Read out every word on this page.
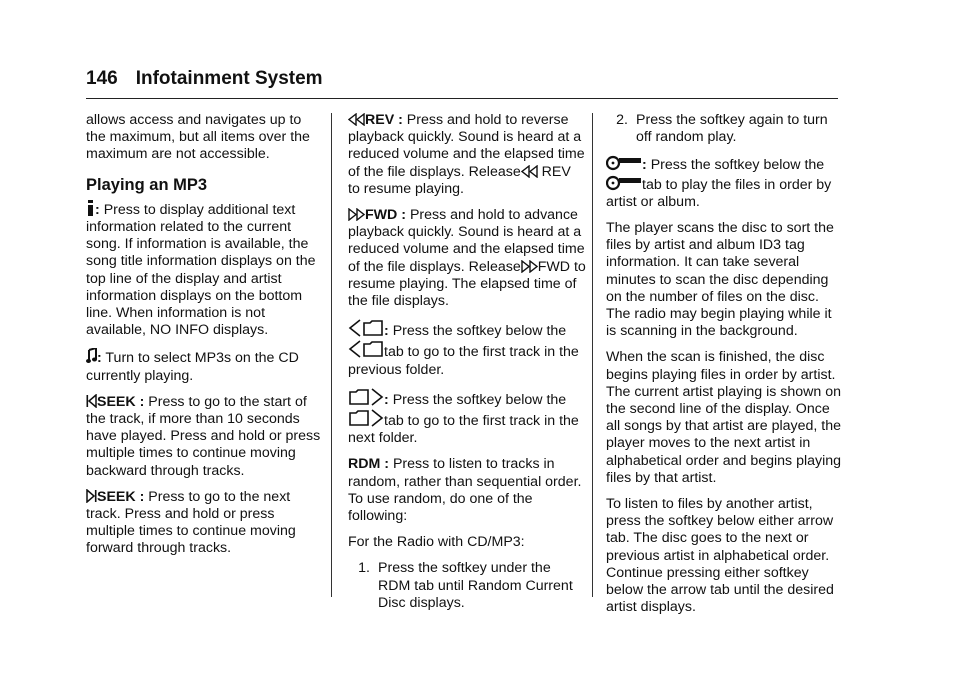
146 Infotainment System

allows access and navigates up to the maximum, but all items over the maximum are not accessible.

Playing an MP3

: Press to display additional text information related to the current song. If information is available, the song title information displays on the top line of the display and artist information displays on the bottom line. When information is not available, NO INFO displays.

: Turn to select MP3s on the CD currently playing.

SEEK : Press to go to the start of the track, if more than 10 seconds have played. Press and hold or press multiple times to continue moving backward through tracks.

SEEK : Press to go to the next track. Press and hold or press multiple times to continue moving forward through tracks.

REV : Press and hold to reverse playback quickly. Sound is heard at a reduced volume and the elapsed time of the file displays. Release REV to resume playing.

FWD : Press and hold to advance playback quickly. Sound is heard at a reduced volume and the elapsed time of the file displays. Release FWD to resume playing. The elapsed time of the file displays.

: Press the softkey below the tab to go to the first track in the previous folder.

: Press the softkey below the tab to go to the first track in the next folder.

RDM : Press to listen to tracks in random, rather than sequential order. To use random, do one of the following:

For the Radio with CD/MP3:

1. Press the softkey under the RDM tab until Random Current Disc displays.
2. Press the softkey again to turn off random play.

: Press the softkey below the tab to play the files in order by artist or album.

The player scans the disc to sort the files by artist and album ID3 tag information. It can take several minutes to scan the disc depending on the number of files on the disc. The radio may begin playing while it is scanning in the background.

When the scan is finished, the disc begins playing files in order by artist. The current artist playing is shown on the second line of the display. Once all songs by that artist are played, the player moves to the next artist in alphabetical order and begins playing files by that artist.

To listen to files by another artist, press the softkey below either arrow tab. The disc goes to the next or previous artist in alphabetical order. Continue pressing either softkey below the arrow tab until the desired artist displays.
